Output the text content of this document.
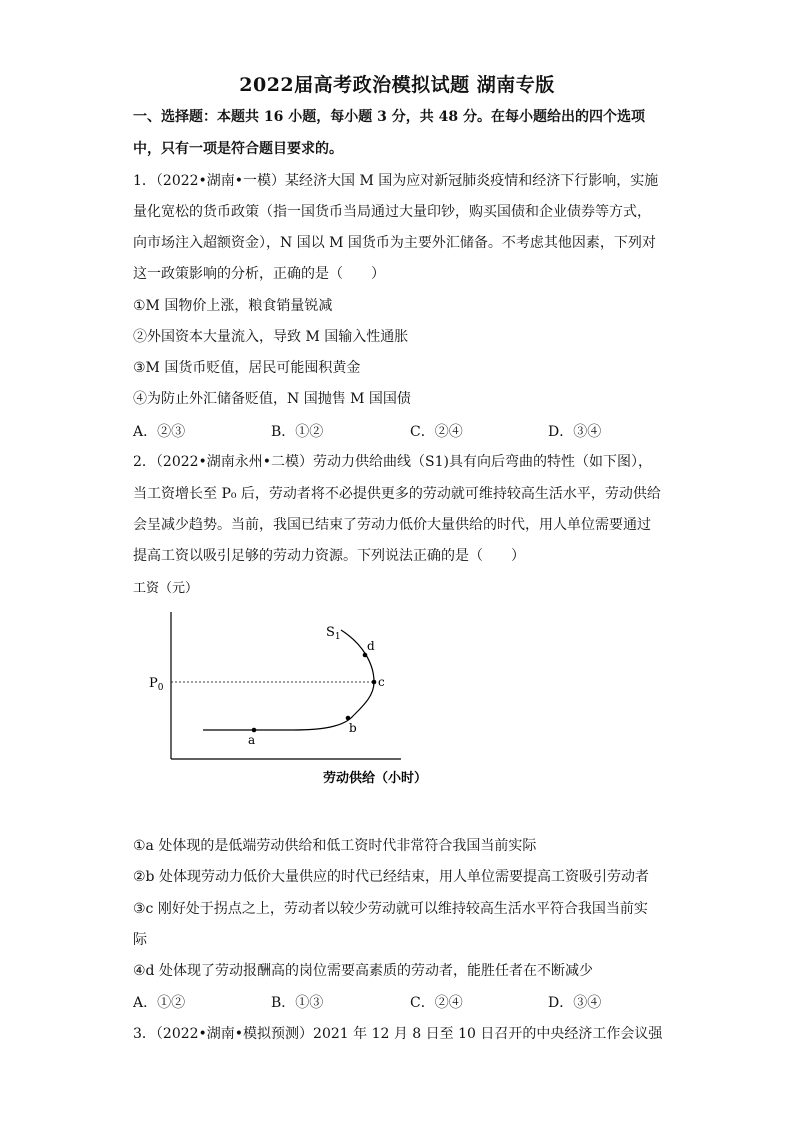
2022届高考政治模拟试题 湖南专版
一、选择题：本题共 16 小题，每小题 3 分，共 48 分。在每小题给出的四个选项
中，只有一项是符合题目要求的。
1．（2022•湖南•一模）某经济大国 M 国为应对新冠肺炎疫情和经济下行影响，实施
量化宽松的货币政策（指一国货币当局通过大量印钞，购买国债和企业债券等方式，
向市场注入超额资金），N 国以 M 国货币为主要外汇储备。不考虑其他因素，下列对
这一政策影响的分析，正确的是（　　）
①M 国物价上涨，粮食销量锐减
②外国资本大量流入，导致 M 国输入性通胀
③M 国货币贬值，居民可能囤积黄金
④为防止外汇储备贬值，N 国抛售 M 国国债
A．②③	B．①②	C．②④	D．③④
2．（2022•湖南永州•二模）劳动力供给曲线（S1)具有向后弯曲的特性（如下图），
当工资增长至 P₀ 后，劳动者将不必提供更多的劳动就可维持较高生活水平，劳动供给
会呈减少趋势。当前，我国已结束了劳动力低价大量供给的时代，用人单位需要通过
提高工资以吸引足够的劳动力资源。下列说法正确的是（　　）
工资（元）
$P_0$
$S_1$
a
b
c
d
劳动供给（小时）
①a 处体现的是低端劳动供给和低工资时代非常符合我国当前实际
②b 处体现劳动力低价大量供应的时代已经结束，用人单位需要提高工资吸引劳动者
③c 刚好处于拐点之上，劳动者以较少劳动就可以维持较高生活水平符合我国当前实
际
④d 处体现了劳动报酬高的岗位需要高素质的劳动者，能胜任者在不断减少
A．①②	B．①③	C．②④	D．③④
3．（2022•湖南•模拟预测）2021 年 12 月 8 日至 10 日召开的中央经济工作会议强
